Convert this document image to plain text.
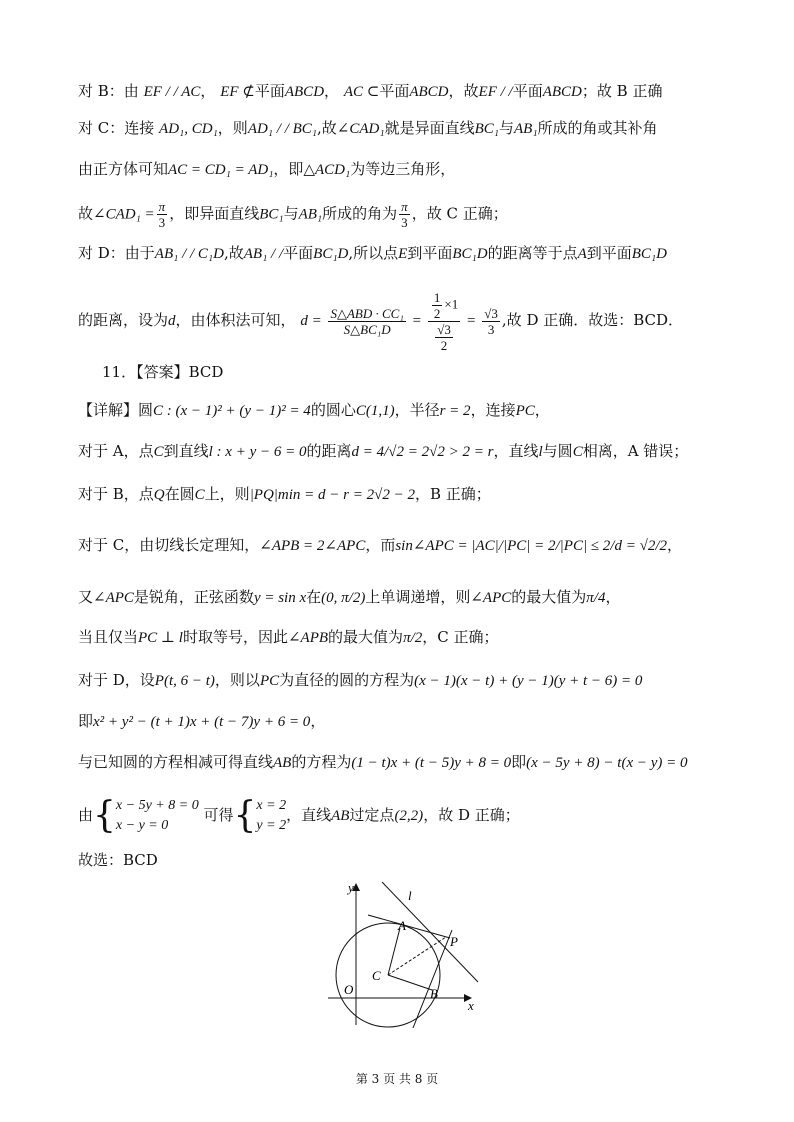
对 B：由 EF / / AC， EF ⊄平面ABCD， AC ⊂平面ABCD，故EF / /平面ABCD；故 B 正确
对 C：连接 AD₁, CD₁，则AD₁ / / BC₁,故∠CAD₁就是异面直线BC₁与AB₁所成的角或其补角
由正方体可知AC = CD₁ = AD₁，即△ACD₁为等边三角形，
故∠CAD₁ = $\frac{\pi}{3}$ ，即异面直线BC₁与AB₁所成的角为 $\frac{\pi}{3}$ ，故 C 正确；
对 D：由于AB₁ / / C₁D,故AB₁ / /平面BC₁D,所以点E到平面BC₁D的距离等于点A到平面BC₁D
的距离，设为d，由体积法可知， $d = \frac{\text{S△ABD · CC₁}}{\text{S△BC₁D}} = \frac{\frac{1}{2} \times 1}{\frac{√3}{2}} = \frac{√3}{3}$ ,故 D 正确．故选：BCD．
11．【答案】BCD
【详解】圆C : (x − 1)² + (y − 1)² = 4的圆心C(1,1)，半径r = 2，连接PC，
对于 A，点C到直线l : x + y − 6 = 0的距离d = 4/√2 = 2√2 > 2 = r，直线l与圆C相离，A 错误；
对于 B，点Q在圆C上，则|PQ|min = d − r = 2√2 − 2，B 正确；
对于 C，由切线长定理知，∠APB = 2∠APC，而sin∠APC = |AC|/|PC| = 2/|PC| ≤ 2/d = √2/2，
又∠APC是锐角，正弦函数y = sin x在(0, π/2)上单调递增，则∠APC的最大值为π/4，
当且仅当PC ⊥ l时取等号，因此∠APB的最大值为π/2，C 正确；
对于 D，设P(t, 6 − t)，则以PC为直径的圆的方程为(x − 1)(x − t) + (y − 1)(y + t − 6) = 0
即x² + y² − (t + 1)x + (t − 7)y + 6 = 0，
与已知圆的方程相减可得直线AB的方程为(1 − t)x + (t − 5)y + 8 = 0即(x − 5y + 8) − t(x − y) = 0
由{ x − 5y + 8 = 0
x − y = 0
可得{ x = 2
y = 2
，直线AB过定点(2,2)，故 D 正确；
故选：BCD
y
x
O
C
A
B
P
l
第 3 页 共 8 页
